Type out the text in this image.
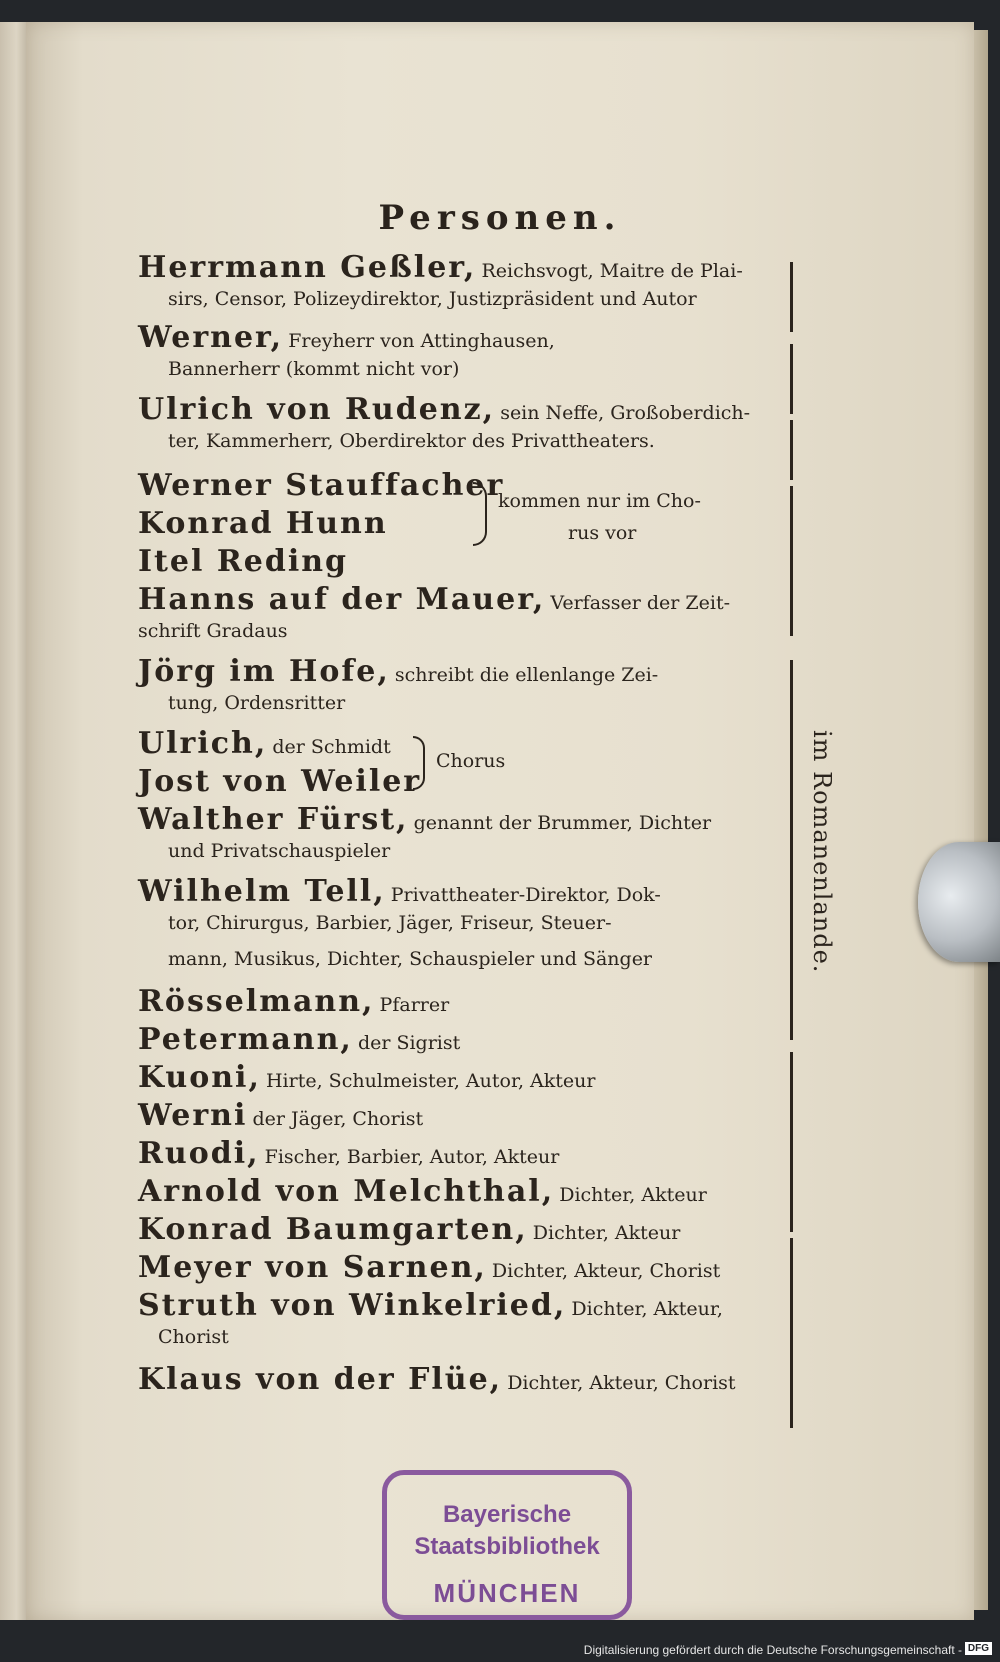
Personen.
Herrmann Geßler, Reichsvogt, Maitre de Plai-
sirs, Censor, Polizeydirektor, Justizpräsident und Autor
Werner, Freyherr von Attinghausen,
Bannerherr (kommt nicht vor)
Ulrich von Rudenz, sein Neffe, Großoberdich-
ter, Kammerherr, Oberdirektor des Privattheaters.
Werner Stauffacher
Konrad Hunn
Itel Reding
kommen nur im Cho-
rus vor
Hanns auf der Mauer, Verfasser der Zeit-
schrift Gradaus
Jörg im Hofe, schreibt die ellenlange Zei-
tung, Ordensritter
Ulrich, der Schmidt
Jost von Weiler
Chorus
Walther Fürst, genannt der Brummer, Dichter
und Privatschauspieler
Wilhelm Tell, Privattheater-Direktor, Dok-
tor, Chirurgus, Barbier, Jäger, Friseur, Steuer-
mann, Musikus, Dichter, Schauspieler und Sänger
Rösselmann, Pfarrer
Petermann, der Sigrist
Kuoni, Hirte, Schulmeister, Autor, Akteur
Werni der Jäger, Chorist
Ruodi, Fischer, Barbier, Autor, Akteur
Arnold von Melchthal, Dichter, Akteur
Konrad Baumgarten, Dichter, Akteur
Meyer von Sarnen, Dichter, Akteur, Chorist
Struth von Winkelried, Dichter, Akteur,
Chorist
Klaus von der Flüe, Dichter, Akteur, Chorist
im Romanenlande.
Bayerische
Staatsbibliothek
MÜNCHEN
Digitalisierung gefördert durch die Deutsche Forschungsgemeinschaft - DFG
